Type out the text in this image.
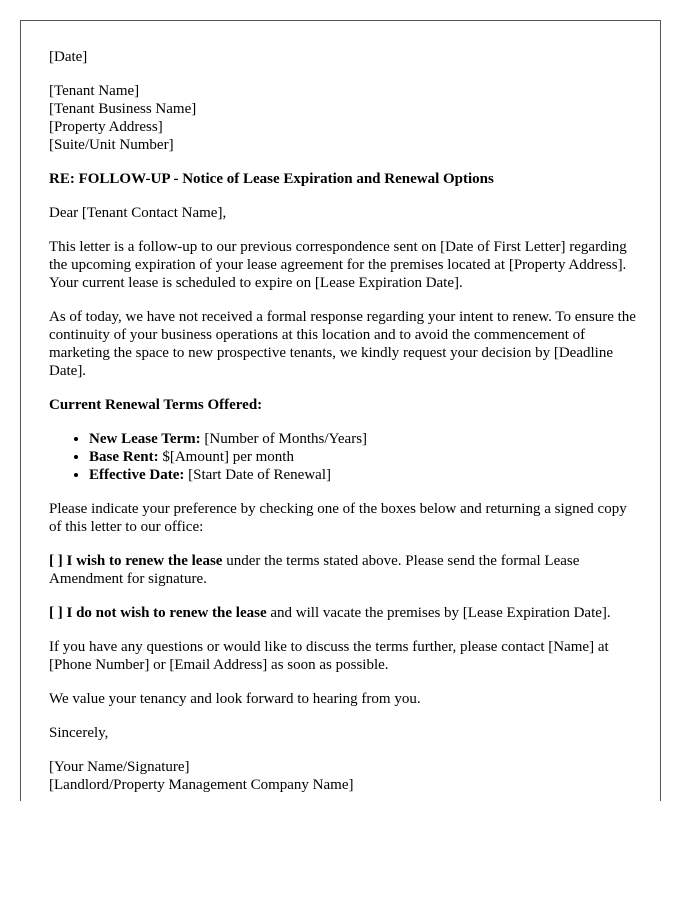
[Date]
[Tenant Name]
[Tenant Business Name]
[Property Address]
[Suite/Unit Number]
RE: FOLLOW-UP - Notice of Lease Expiration and Renewal Options

Dear [Tenant Contact Name],

This letter is a follow-up to our previous correspondence sent on [Date of First Letter] regarding the upcoming expiration of your lease agreement for the premises located at [Property Address]. Your current lease is scheduled to expire on [Lease Expiration Date].

As of today, we have not received a formal response regarding your intent to renew. To ensure the continuity of your business operations at this location and to avoid the commencement of marketing the space to new prospective tenants, we kindly request your decision by [Deadline Date].

Current Renewal Terms Offered:

• New Lease Term: [Number of Months/Years]
• Base Rent: $[Amount] per month
• Effective Date: [Start Date of Renewal]

Please indicate your preference by checking one of the boxes below and returning a signed copy of this letter to our office:

[ ] I wish to renew the lease under the terms stated above. Please send the formal Lease Amendment for signature.

[ ] I do not wish to renew the lease and will vacate the premises by [Lease Expiration Date].

If you have any questions or would like to discuss the terms further, please contact [Name] at [Phone Number] or [Email Address] as soon as possible.

We value your tenancy and look forward to hearing from you.

Sincerely,

[Your Name/Signature]
[Landlord/Property Management Company Name]
